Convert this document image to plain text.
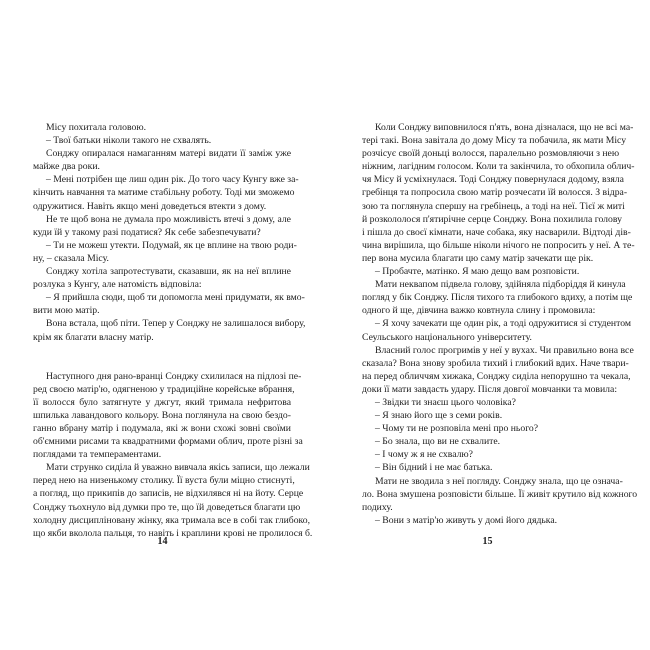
Місу похитала головою.
– Твої батьки ніколи такого не схвалять.
Сонджу опиралася намаганням матері видати її заміж уже
майже два роки.
– Мені потрібен ще лиш один рік. До того часу Кунгу вже за-
кінчить навчання та матиме стабільну роботу. Тоді ми зможемо
одружитися. Навіть якщо мені доведеться втекти з дому.
Не те щоб вона не думала про можливість втечі з дому, але
куди їй у такому разі податися? Як себе забезпечувати?
– Ти не можеш утекти. Подумай, як це вплине на твою роди-
ну, – сказала Місу.
Сонджу хотіла запротестувати, сказавши, як на неї вплине
розлука з Кунгу, але натомість відповіла:
– Я прийшла сюди, щоб ти допомогла мені придумати, як вмо-
вити мою матір.
Вона встала, щоб піти. Тепер у Сонджу не залишалося вибору,
крім як благати власну матір.
Наступного дня рано-вранці Сонджу схилилася на підлозі пе-
ред своєю матір'ю, одягненою у традиційне корейське вбрання,
її волосся було затягнуте у джгут, який тримала нефритова
шпилька лавандового кольору. Вона поглянула на свою бездо-
ганно вбрану матір і подумала, які ж вони схожі зовні своїми
об'ємними рисами та квадратними формами облич, проте різні за
поглядами та темпераментами.
Мати струнко сиділа й уважно вивчала якісь записи, що лежали
перед нею на низенькому столику. Її вуста були міцно стиснуті,
а погляд, що прикипів до записів, не відхилявся ні на йоту. Серце
Сонджу тьохнуло від думки про те, що їй доведеться благати цю
холодну дисципліновану жінку, яка тримала все в собі так глибоко,
що якби вколола пальця, то навіть і краплини крові не пролилося б.
14
Коли Сонджу виповнилося п'ять, вона дізналася, що не всі ма-
тері такі. Вона завітала до дому Місу та побачила, як мати Місу
розчісує своїй доньці волосся, паралельно розмовляючи з нею
ніжним, лагідним голосом. Коли та закінчила, то обхопила облич-
чя Місу й усміхнулася. Тоді Сонджу повернулася додому, взяла
гребінця та попросила свою матір розчесати їй волосся. З відра-
зою та поглянула спершу на гребінець, а тоді на неї. Тієї ж миті
й розкололося п'ятирічне серце Сонджу. Вона похилила голову
і пішла до своєї кімнати, наче собака, яку насварили. Відтоді дів-
чина вирішила, що більше ніколи нічого не попросить у неї. А те-
пер вона мусила благати цю саму матір зачекати ще рік.
– Пробачте, матінко. Я маю дещо вам розповісти.
Мати неквапом підвела голову, здійняла підборіддя й кинула
погляд у бік Сонджу. Після тихого та глибокого вдиху, а потім ще
одного й ще, дівчина важко ковтнула слину і промовила:
– Я хочу зачекати ще один рік, а тоді одружитися зі студентом
Сеульського національного університету.
Власний голос прогримів у неї у вухах. Чи правильно вона все
сказала? Вона знову зробила тихий і глибокий вдих. Наче твари-
на перед обличчям хижака, Сонджу сиділа непорушно та чекала,
доки її мати завдасть удару. Після довгої мовчанки та мовила:
– Звідки ти знаєш цього чоловіка?
– Я знаю його ще з семи років.
– Чому ти не розповіла мені про нього?
– Бо знала, що ви не схвалите.
– І чому ж я не схвалю?
– Він бідний і не має батька.
Мати не зводила з неї погляду. Сонджу знала, що це означа-
ло. Вона змушена розповісти більше. Її живіт крутило від кожного
подиху.
– Вони з матір'ю живуть у домі його дядька.
15
